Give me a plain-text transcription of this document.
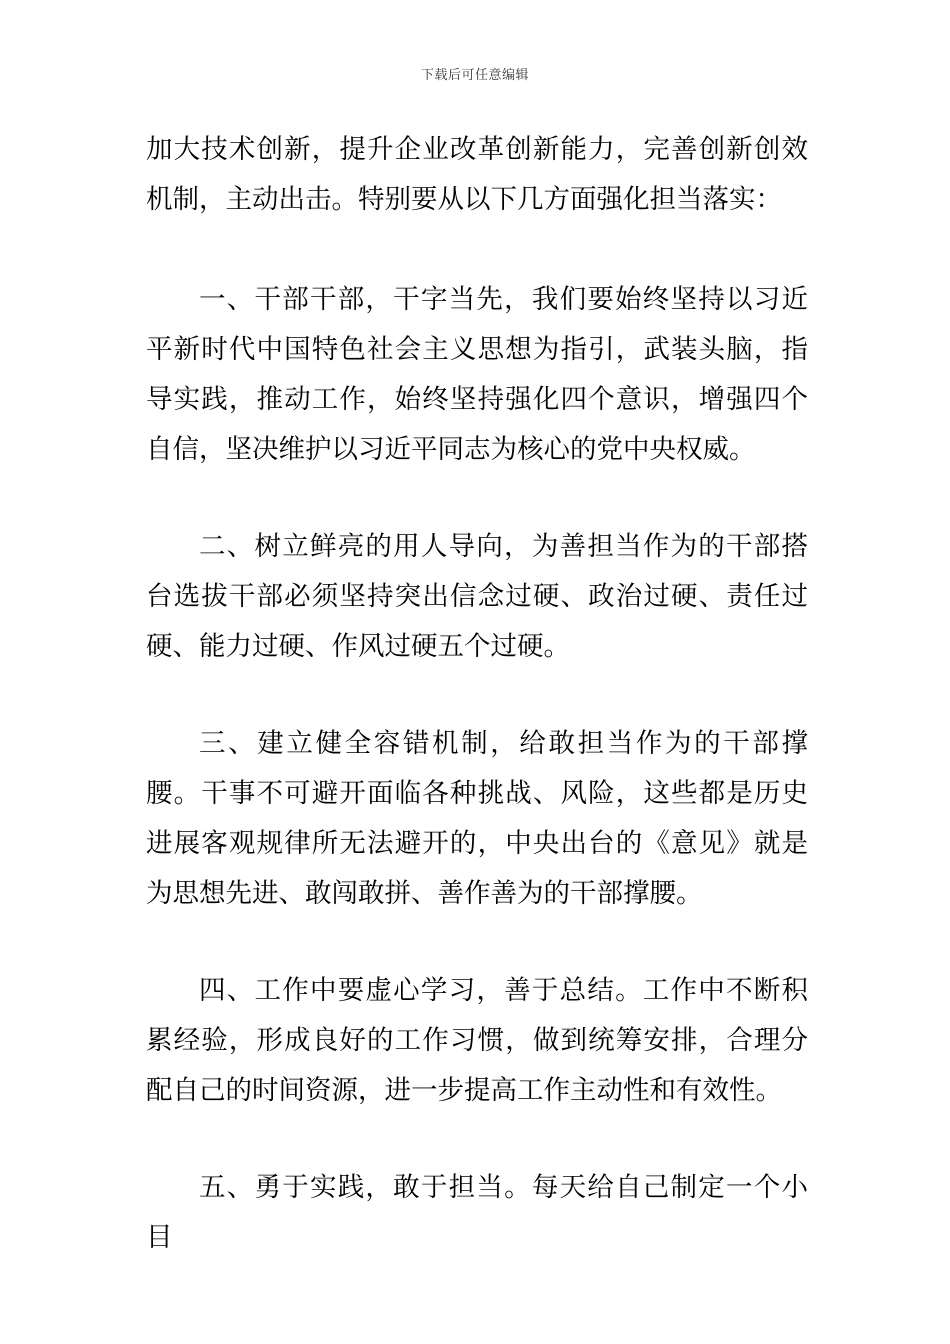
下载后可任意编辑
加大技术创新，提升企业改革创新能力，完善创新创效机制，主动出击。特别要从以下几方面强化担当落实：
一、干部干部，干字当先，我们要始终坚持以习近平新时代中国特色社会主义思想为指引，武装头脑，指导实践，推动工作，始终坚持强化四个意识，增强四个自信，坚决维护以习近平同志为核心的党中央权威。
二、树立鲜亮的用人导向，为善担当作为的干部搭台选拔干部必须坚持突出信念过硬、政治过硬、责任过硬、能力过硬、作风过硬五个过硬。
三、建立健全容错机制，给敢担当作为的干部撑腰。干事不可避开面临各种挑战、风险，这些都是历史进展客观规律所无法避开的，中央出台的《意见》就是为思想先进、敢闯敢拼、善作善为的干部撑腰。
四、工作中要虚心学习，善于总结。工作中不断积累经验，形成良好的工作习惯，做到统筹安排，合理分配自己的时间资源，进一步提高工作主动性和有效性。
五、勇于实践，敢于担当。每天给自己制定一个小目
